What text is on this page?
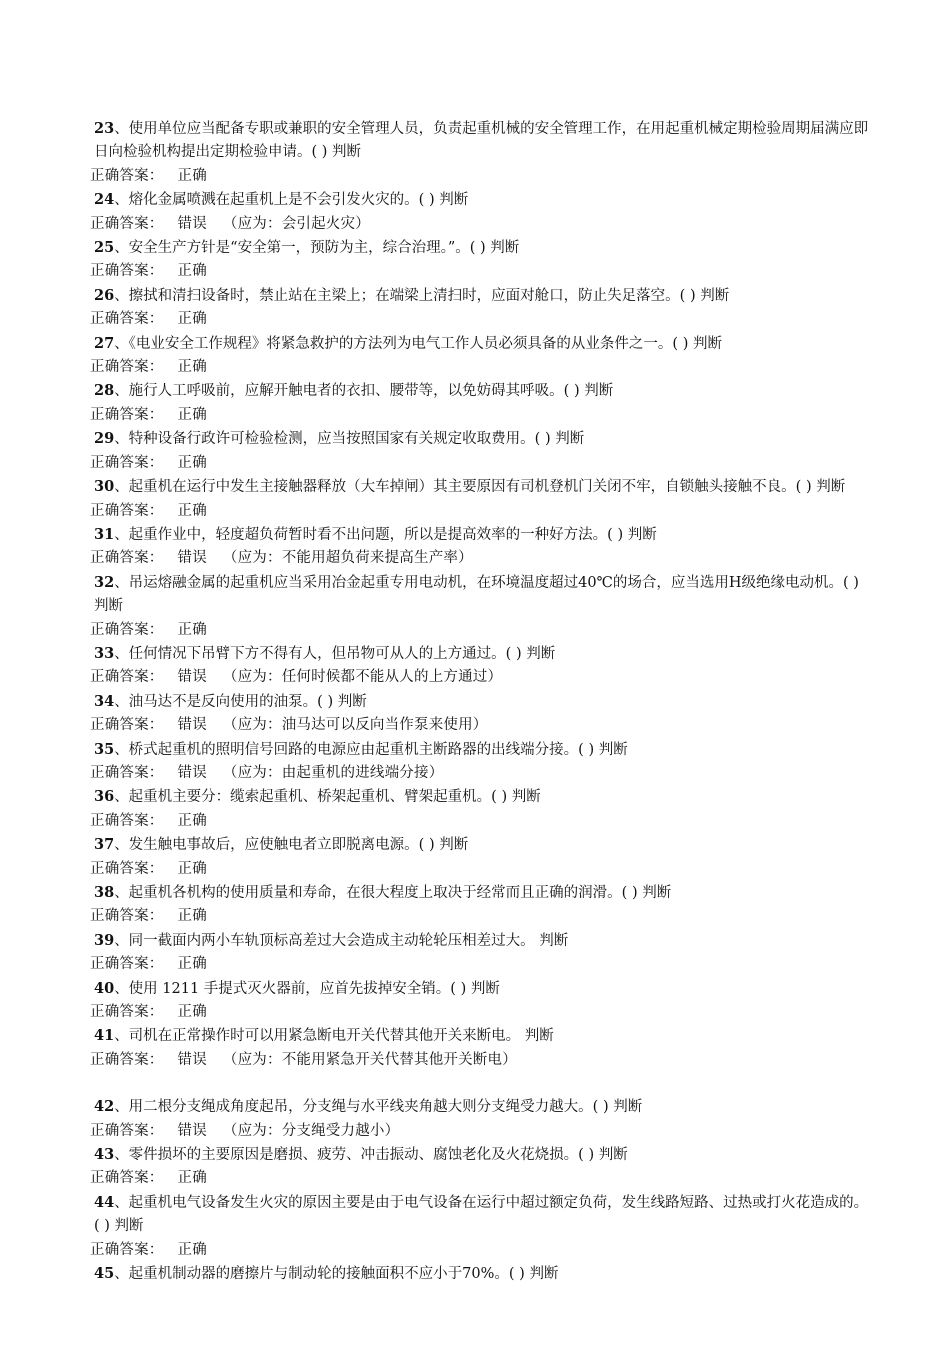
23、使用单位应当配备专职或兼职的安全管理人员，负责起重机械的安全管理工作，在用起重机械定期检验周期届满应即日向检验机构提出定期检验申请。( ) 判断

正确答案： 正确

24、熔化金属喷溅在起重机上是不会引发火灾的。( ) 判断

正确答案： 错误 （应为：会引起火灾）

25、安全生产方针是“安全第一，预防为主，综合治理。”。( ) 判断

正确答案： 正确

26、擦拭和清扫设备时，禁止站在主梁上；在端梁上清扫时，应面对舱口，防止失足落空。( ) 判断

正确答案： 正确

27、《电业安全工作规程》将紧急救护的方法列为电气工作人员必须具备的从业条件之一。( ) 判断

正确答案： 正确

28、施行人工呼吸前，应解开触电者的衣扣、腰带等，以免妨碍其呼吸。( ) 判断

正确答案： 正确

29、特种设备行政许可检验检测，应当按照国家有关规定收取费用。( ) 判断

正确答案： 正确

30、起重机在运行中发生主接触器释放（大车掉闸）其主要原因有司机登机门关闭不牢，自锁触头接触不良。( ) 判断

正确答案： 正确

31、起重作业中，轻度超负荷暂时看不出问题，所以是提高效率的一种好方法。( ) 判断

正确答案： 错误 （应为：不能用超负荷来提高生产率）

32、吊运熔融金属的起重机应当采用冶金起重专用电动机，在环境温度超过40℃的场合，应当选用H级绝缘电动机。( ) 判断

正确答案： 正确

33、任何情况下吊臂下方不得有人，但吊物可从人的上方通过。( ) 判断

正确答案： 错误 （应为：任何时候都不能从人的上方通过）

34、油马达不是反向使用的油泵。( ) 判断

正确答案： 错误 （应为：油马达可以反向当作泵来使用）

35、桥式起重机的照明信号回路的电源应由起重机主断路器的出线端分接。( ) 判断

正确答案： 错误 （应为：由起重机的进线端分接）

36、起重机主要分：缆索起重机、桥架起重机、臂架起重机。( ) 判断

正确答案： 正确

37、发生触电事故后，应使触电者立即脱离电源。( ) 判断

正确答案： 正确

38、起重机各机构的使用质量和寿命，在很大程度上取决于经常而且正确的润滑。( ) 判断

正确答案： 正确

39、同一截面内两小车轨顶标高差过大会造成主动轮轮压相差过大。 判断

正确答案： 正确

40、使用 1211 手提式灭火器前，应首先拔掉安全销。( ) 判断

正确答案： 正确

41、司机在正常操作时可以用紧急断电开关代替其他开关来断电。 判断

正确答案： 错误 （应为：不能用紧急开关代替其他开关断电）

42、用二根分支绳成角度起吊，分支绳与水平线夹角越大则分支绳受力越大。( ) 判断

正确答案： 错误 （应为：分支绳受力越小）

43、零件损坏的主要原因是磨损、疲劳、冲击振动、腐蚀老化及火花烧损。( ) 判断

正确答案： 正确

44、起重机电气设备发生火灾的原因主要是由于电气设备在运行中超过额定负荷，发生线路短路、过热或打火花造成的。( ) 判断

正确答案： 正确

45、起重机制动器的磨擦片与制动轮的接触面积不应小于70%。( ) 判断
